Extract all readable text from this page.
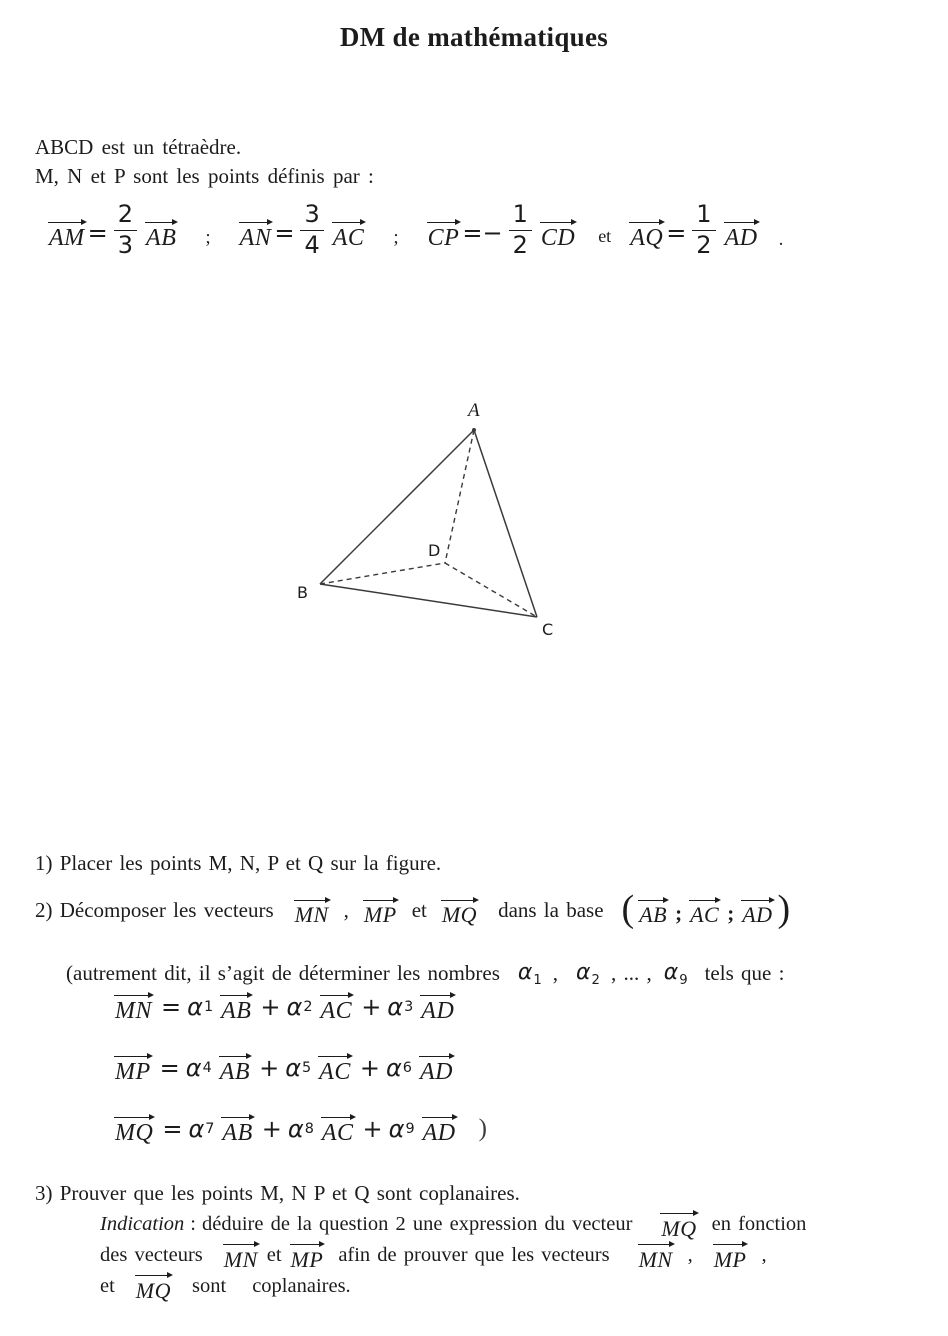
DM de mathématiques
ABCD est un tétraèdre.
M, N et P sont les points définis par :
AM = $\frac{2}{3}$ AB ; AN = $\frac{3}{4}$ AC ; CP = − $\frac{1}{2}$ CD et AQ = $\frac{1}{2}$ AD .
A
B
C
D
1) Placer les points M, N, P et Q sur la figure.
2) Décomposer les vecteurs MN , MP et MQ dans la base ( AB ; AC ; AD )
(autrement dit, il s’agit de déterminer les nombres $\alpha_1$ , $\alpha_2$ , ... , $\alpha_9$ tels que :
MN = α 1 AB + α 2 AC + α 3 AD
MP = α 4 AB + α 5 AC + α 6 AD
MQ = α 7 AB + α 8 AC + α 9 AD )
3) Prouver que les points M, N P et Q sont coplanaires.
Indication : déduire de la question 2 une expression du vecteur MQ en fonction
des vecteurs MN et MP afin de prouver que les vecteurs MN , MP ,
et MQ sont coplanaires.
